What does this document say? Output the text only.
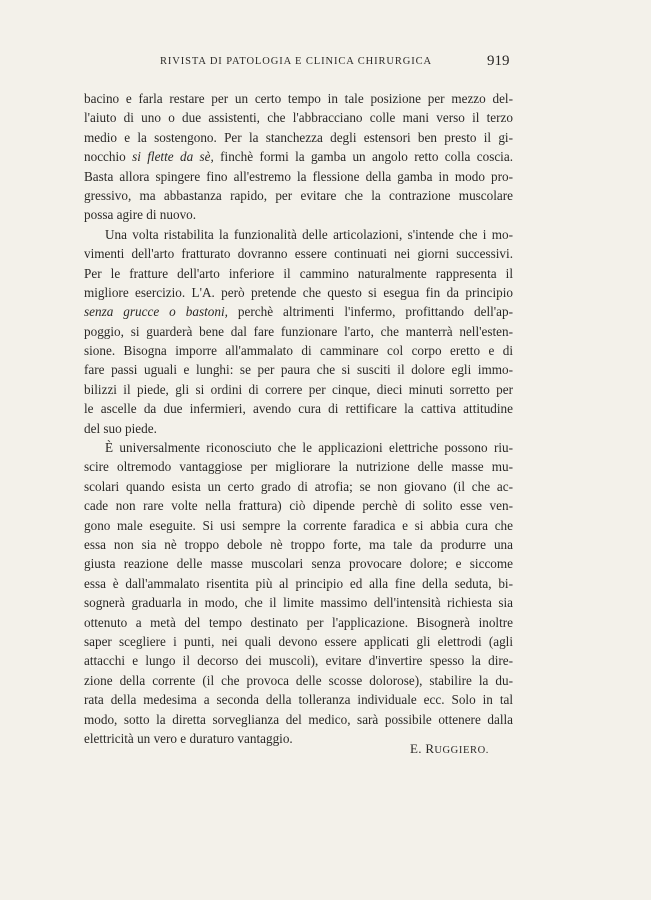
RIVISTA DI PATOLOGIA E CLINICA CHIRURGICA	919
bacino e farla restare per un certo tempo in tale posizione per mezzo del-
l'aiuto di uno o due assistenti, che l'abbracciano colle mani verso il terzo
medio e la sostengono. Per la stanchezza degli estensori ben presto il gi-
nocchio si flette da sè, finchè formi la gamba un angolo retto colla coscia.
Basta allora spingere fino all'estremo la flessione della gamba in modo pro-
gressivo, ma abbastanza rapido, per evitare che la contrazione muscolare
possa agire di nuovo.
Una volta ristabilita la funzionalità delle articolazioni, s'intende che i mo-
vimenti dell'arto fratturato dovranno essere continuati nei giorni successivi.
Per le fratture dell'arto inferiore il cammino naturalmente rappresenta il
migliore esercizio. L'A. però pretende che questo si esegua fin da principio
senza grucce o bastoni, perchè altrimenti l'infermo, profittando dell'ap-
poggio, si guarderà bene dal fare funzionare l'arto, che manterrà nell'esten-
sione. Bisogna imporre all'ammalato di camminare col corpo eretto e di
fare passi uguali e lunghi: se per paura che si susciti il dolore egli immo-
bilizzi il piede, gli si ordini di correre per cinque, dieci minuti sorretto per
le ascelle da due infermieri, avendo cura di rettificare la cattiva attitudine
del suo piede.
È universalmente riconosciuto che le applicazioni elettriche possono riu-
scire oltremodo vantaggiose per migliorare la nutrizione delle masse mu-
scolari quando esista un certo grado di atrofia; se non giovano (il che ac-
cade non rare volte nella frattura) ciò dipende perchè di solito esse ven-
gono male eseguite. Si usi sempre la corrente faradica e si abbia cura che
essa non sia nè troppo debole nè troppo forte, ma tale da produrre una
giusta reazione delle masse muscolari senza provocare dolore; e siccome
essa è dall'ammalato risentita più al principio ed alla fine della seduta, bi-
sognerà graduarla in modo, che il limite massimo dell'intensità richiesta sia
ottenuto a metà del tempo destinato per l'applicazione. Bisognerà inoltre
saper scegliere i punti, nei quali devono essere applicati gli elettrodi (agli
attacchi e lungo il decorso dei muscoli), evitare d'invertire spesso la dire-
zione della corrente (il che provoca delle scosse dolorose), stabilire la du-
rata della medesima a seconda della tolleranza individuale ecc. Solo in tal
modo, sotto la diretta sorveglianza del medico, sarà possibile ottenere dalla
elettricità un vero e duraturo vantaggio.
E. RUGGIERO.
